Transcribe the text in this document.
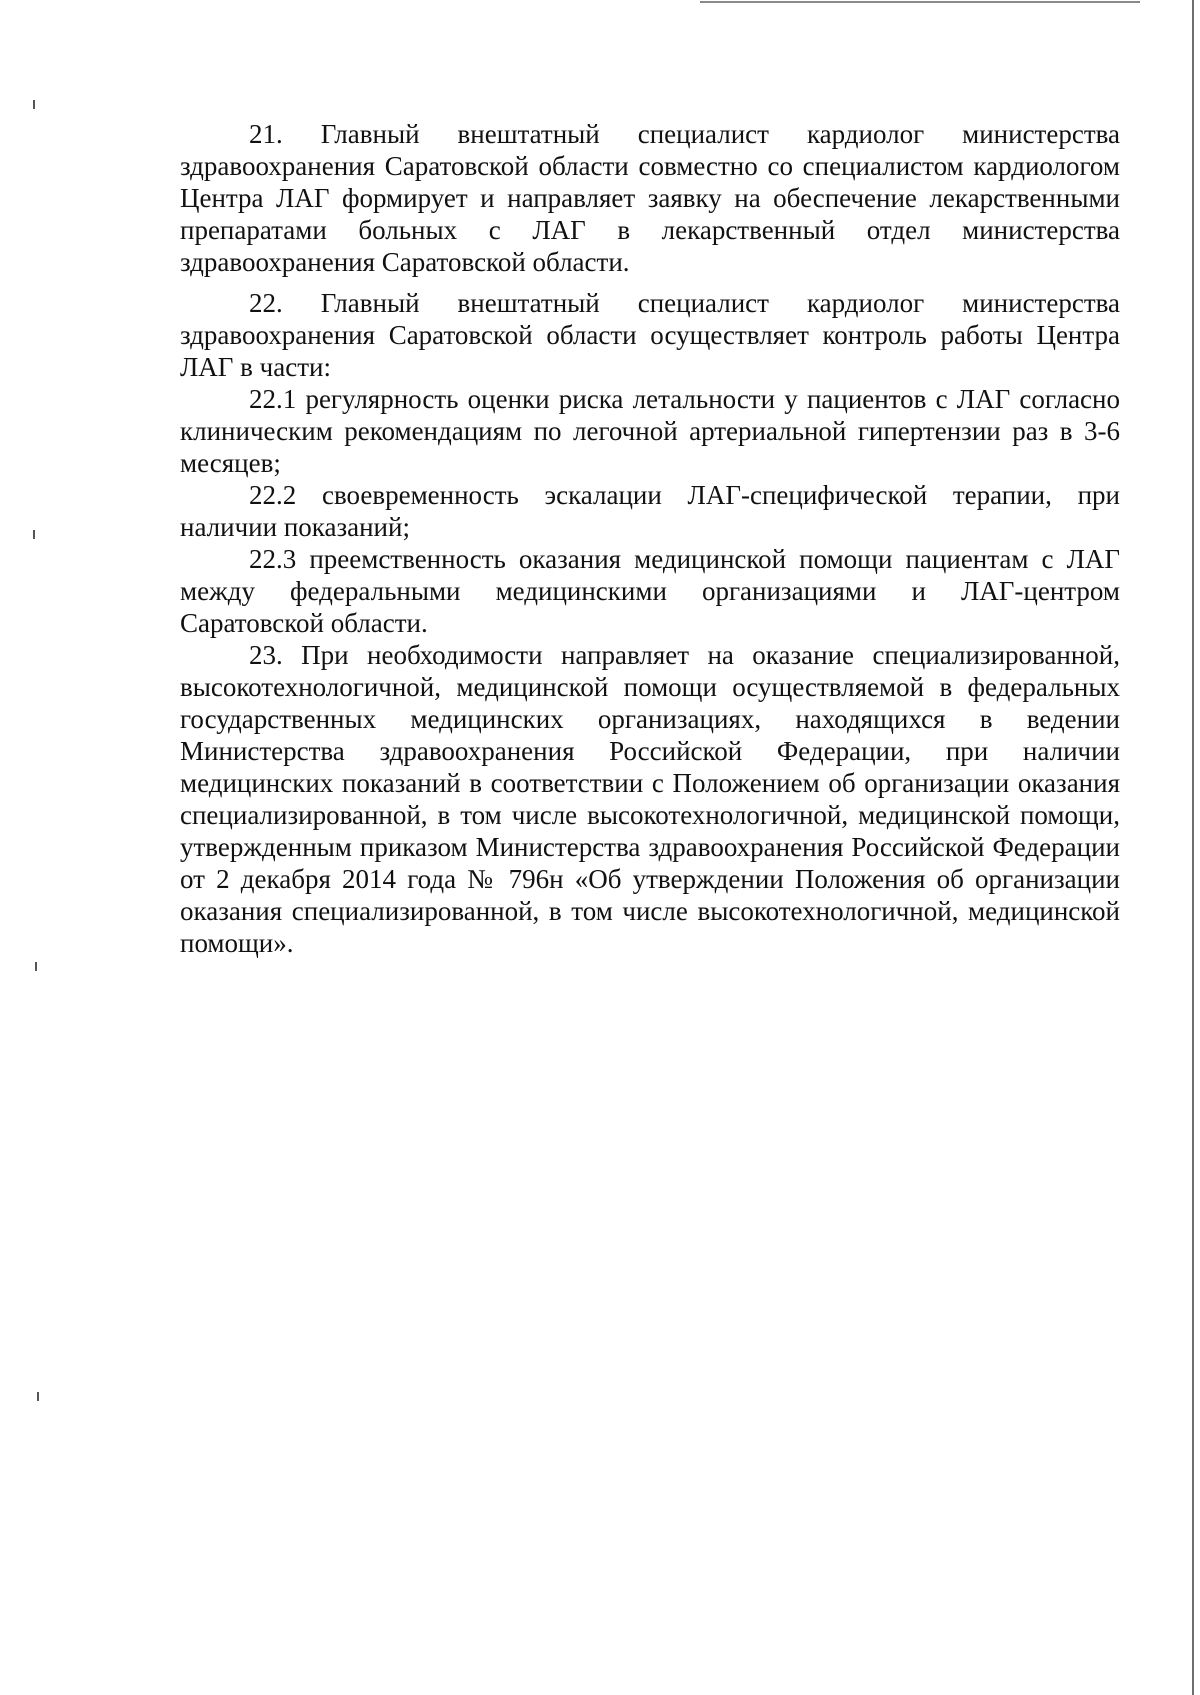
21. Главный внештатный специалист кардиолог министерства здравоохранения Саратовской области совместно со специалистом кардиологом Центра ЛАГ формирует и направляет заявку на обеспечение лекарственными препаратами больных с ЛАГ в лекарственный отдел министерства здравоохранения Саратовской области.

22. Главный внештатный специалист кардиолог министерства здравоохранения Саратовской области осуществляет контроль работы Центра ЛАГ в части:

22.1 регулярность оценки риска летальности у пациентов с ЛАГ согласно клиническим рекомендациям по легочной артериальной гипертензии раз в 3-6 месяцев;

22.2 своевременность эскалации ЛАГ-специфической терапии, при наличии показаний;

22.3 преемственность оказания медицинской помощи пациентам с ЛАГ между федеральными медицинскими организациями и ЛАГ-центром Саратовской области.

23. При необходимости направляет на оказание специализированной, высокотехнологичной, медицинской помощи осуществляемой в федеральных государственных медицинских организациях, находящихся в ведении Министерства здравоохранения Российской Федерации, при наличии медицинских показаний в соответствии с Положением об организации оказания специализированной, в том числе высокотехнологичной, медицинской помощи, утвержденным приказом Министерства здравоохранения Российской Федерации от 2 декабря 2014 года № 796н «Об утверждении Положения об организации оказания специализированной, в том числе высокотехнологичной, медицинской помощи».
